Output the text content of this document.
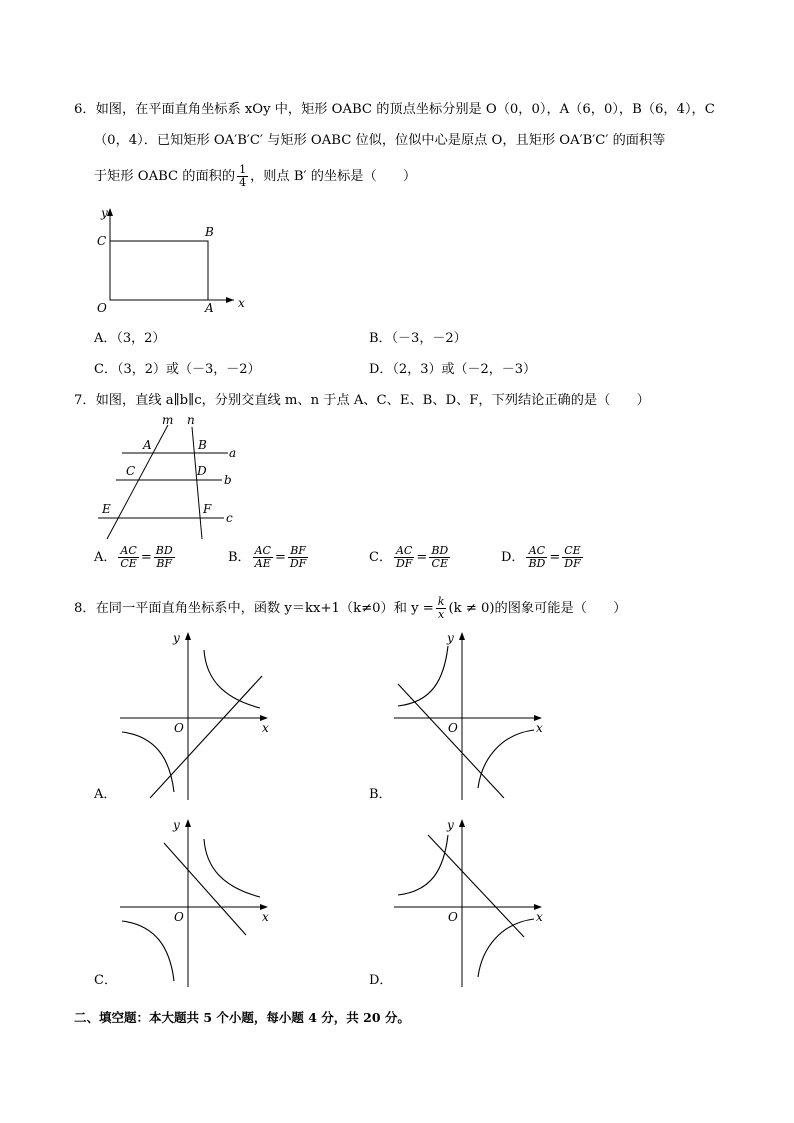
6．如图，在平面直角坐标系 xOy 中，矩形 OABC 的顶点坐标分别是 O（0，0），A（6，0），B（6，4），C
（0，4）．已知矩形 OA′B′C′ 与矩形 OABC 位似，位似中心是原点 O，且矩形 OA′B′C′ 的面积等
于矩形 OABC 的面积的 $\frac{1}{4}$ ，则点 B′ 的坐标是（　　）
y
x
C
B
O	A
A．（3，2）	B．（－3，－2）
C．（3，2）或（－3，－2）	D．（2，3）或（－2，－3）
7．如图，直线 a∥b∥c，分别交直线 m、n 于点 A、C、E、B、D、F，下列结论正确的是（　　）
m n
A	B
C	D
E	F
a
b
c
A． $\frac{AC}{CE} = \frac{BD}{BF}$	B． $\frac{AC}{AE} = \frac{BF}{DF}$	C． $\frac{AC}{DF} = \frac{BD}{CE}$	D． $\frac{AC}{BD} = \frac{CE}{DF}$
8．在同一平面直角坐标系中，函数 y＝kx+1（k≠0）和 $y = \frac{k}{x} (k \ne 0)$的图象可能是（　　）
y
x
O
A．
y
x
O
B．
y
x
O
C．
y
x
O
D．
二、填空题：本大题共 5 个小题，每小题 4 分，共 20 分。
